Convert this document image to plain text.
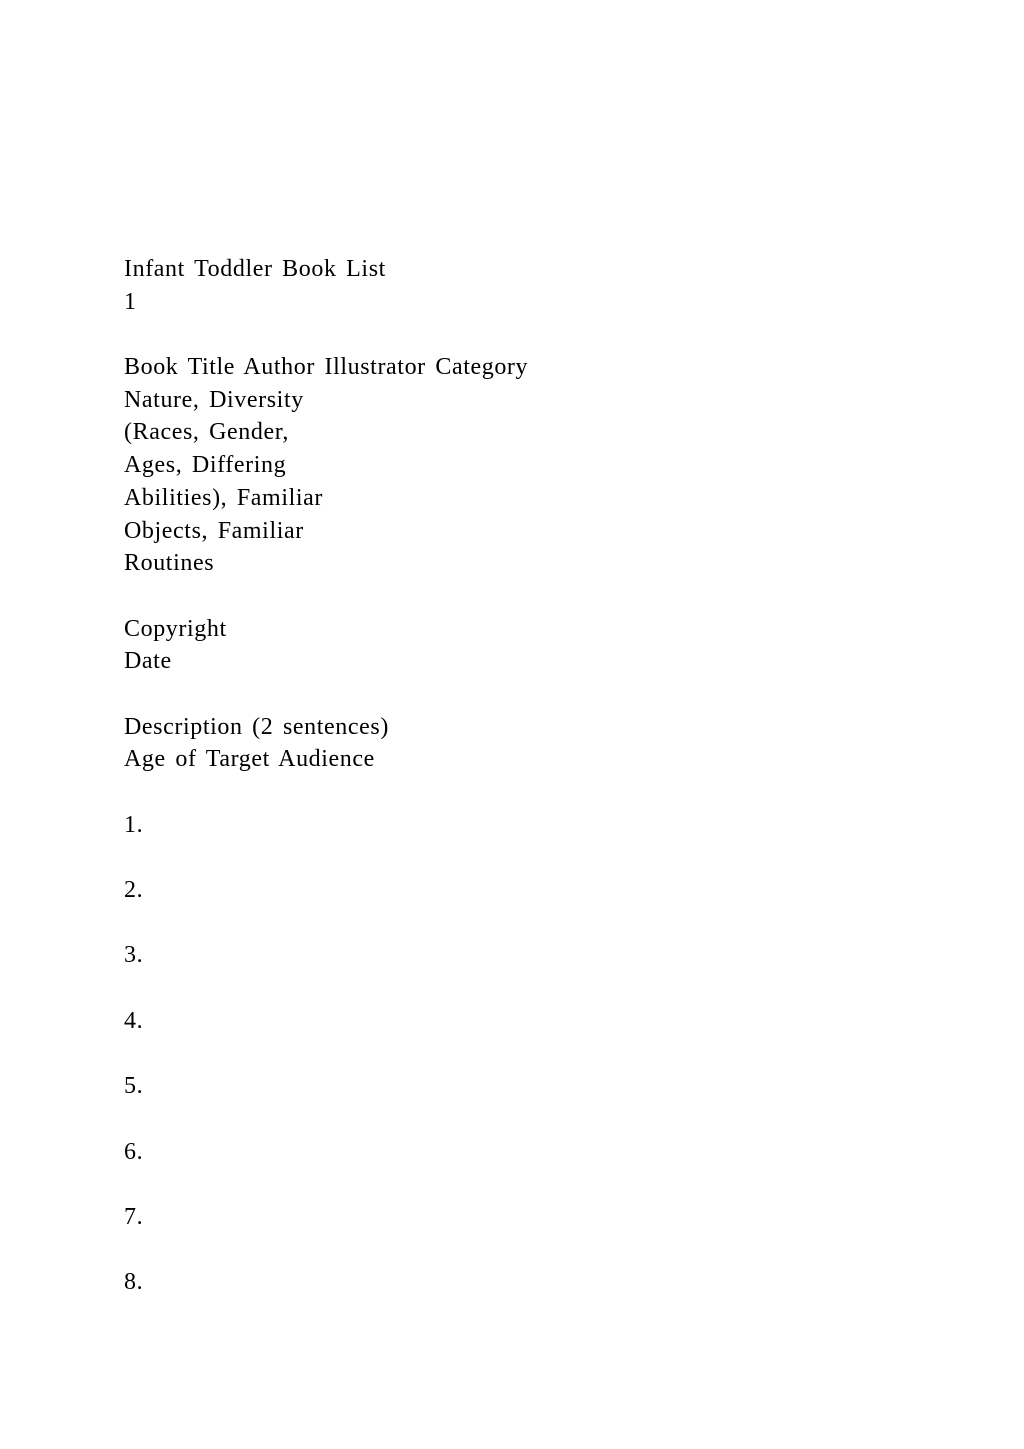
Infant Toddler Book List
1
Book Title Author Illustrator Category
Nature, Diversity
(Races, Gender,
Ages, Differing
Abilities), Familiar
Objects, Familiar
Routines
Copyright
Date
Description (2 sentences)
Age of Target Audience
1.
2.
3.
4.
5.
6.
7.
8.
